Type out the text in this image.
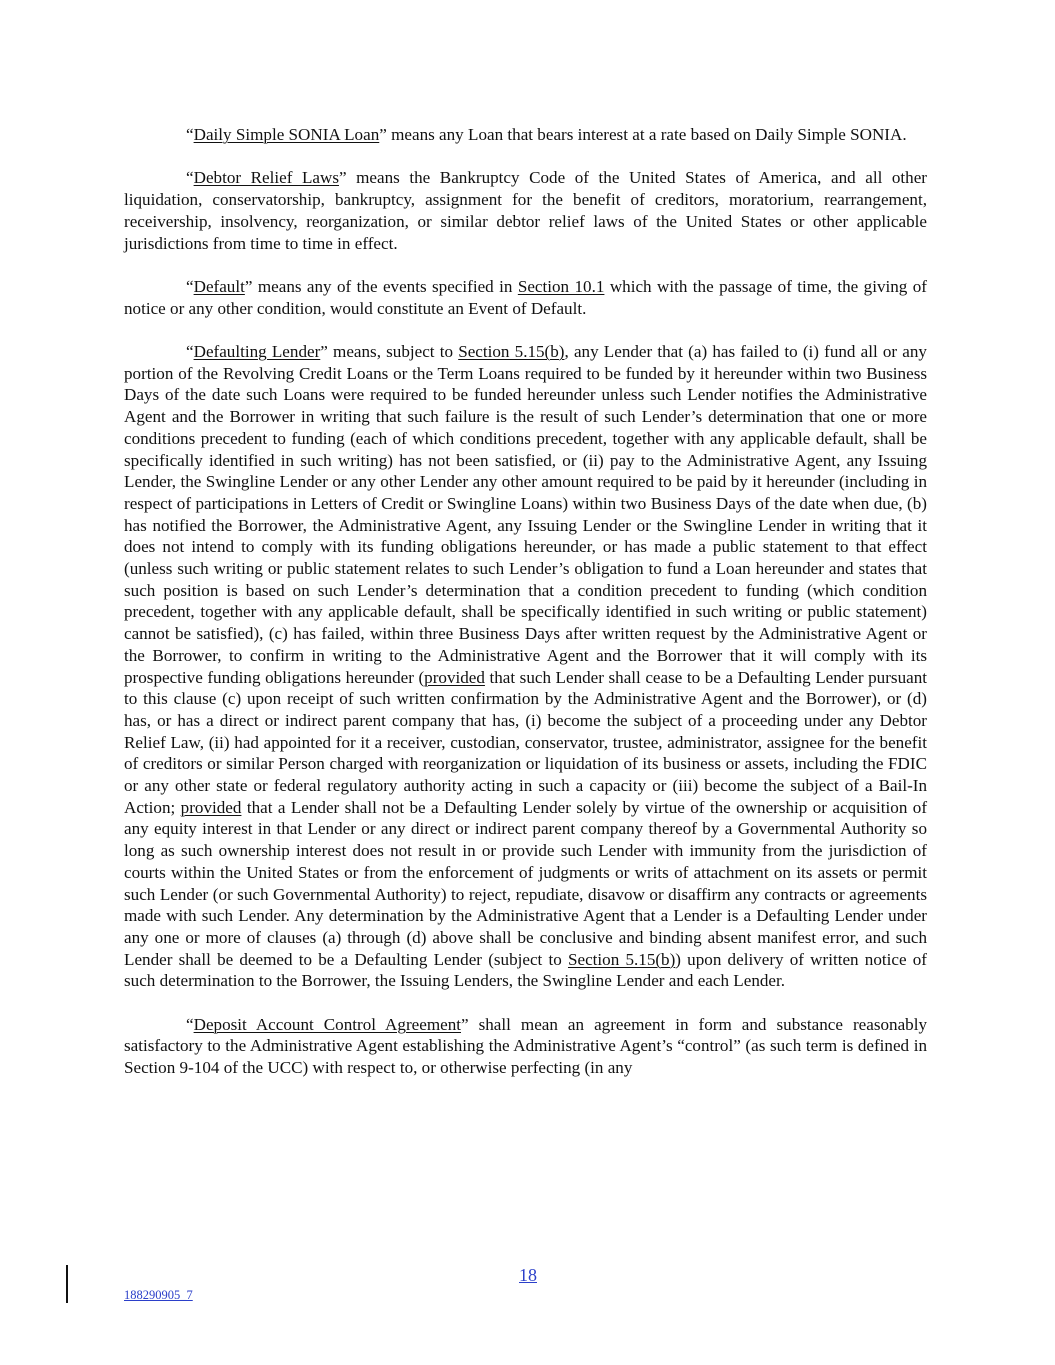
“Daily Simple SONIA Loan” means any Loan that bears interest at a rate based on Daily Simple SONIA.

“Debtor Relief Laws” means the Bankruptcy Code of the United States of America, and all other liquidation, conservatorship, bankruptcy, assignment for the benefit of creditors, moratorium, rearrangement, receivership, insolvency, reorganization, or similar debtor relief laws of the United States or other applicable jurisdictions from time to time in effect.

“Default” means any of the events specified in Section 10.1 which with the passage of time, the giving of notice or any other condition, would constitute an Event of Default.

“Defaulting Lender” means, subject to Section 5.15(b), any Lender that (a) has failed to (i) fund all or any portion of the Revolving Credit Loans or the Term Loans required to be funded by it hereunder within two Business Days of the date such Loans were required to be funded hereunder unless such Lender notifies the Administrative Agent and the Borrower in writing that such failure is the result of such Lender’s determination that one or more conditions precedent to funding (each of which conditions precedent, together with any applicable default, shall be specifically identified in such writing) has not been satisfied, or (ii) pay to the Administrative Agent, any Issuing Lender, the Swingline Lender or any other Lender any other amount required to be paid by it hereunder (including in respect of participations in Letters of Credit or Swingline Loans) within two Business Days of the date when due, (b) has notified the Borrower, the Administrative Agent, any Issuing Lender or the Swingline Lender in writing that it does not intend to comply with its funding obligations hereunder, or has made a public statement to that effect (unless such writing or public statement relates to such Lender’s obligation to fund a Loan hereunder and states that such position is based on such Lender’s determination that a condition precedent to funding (which condition precedent, together with any applicable default, shall be specifically identified in such writing or public statement) cannot be satisfied), (c) has failed, within three Business Days after written request by the Administrative Agent or the Borrower, to confirm in writing to the Administrative Agent and the Borrower that it will comply with its prospective funding obligations hereunder (provided that such Lender shall cease to be a Defaulting Lender pursuant to this clause (c) upon receipt of such written confirmation by the Administrative Agent and the Borrower), or (d) has, or has a direct or indirect parent company that has, (i) become the subject of a proceeding under any Debtor Relief Law, (ii) had appointed for it a receiver, custodian, conservator, trustee, administrator, assignee for the benefit of creditors or similar Person charged with reorganization or liquidation of its business or assets, including the FDIC or any other state or federal regulatory authority acting in such a capacity or (iii) become the subject of a Bail-In Action; provided that a Lender shall not be a Defaulting Lender solely by virtue of the ownership or acquisition of any equity interest in that Lender or any direct or indirect parent company thereof by a Governmental Authority so long as such ownership interest does not result in or provide such Lender with immunity from the jurisdiction of courts within the United States or from the enforcement of judgments or writs of attachment on its assets or permit such Lender (or such Governmental Authority) to reject, repudiate, disavow or disaffirm any contracts or agreements made with such Lender. Any determination by the Administrative Agent that a Lender is a Defaulting Lender under any one or more of clauses (a) through (d) above shall be conclusive and binding absent manifest error, and such Lender shall be deemed to be a Defaulting Lender (subject to Section 5.15(b)) upon delivery of written notice of such determination to the Borrower, the Issuing Lenders, the Swingline Lender and each Lender.

“Deposit Account Control Agreement” shall mean an agreement in form and substance reasonably satisfactory to the Administrative Agent establishing the Administrative Agent’s “control” (as such term is defined in Section 9-104 of the UCC) with respect to, or otherwise perfecting (in any

18
188290905_7
